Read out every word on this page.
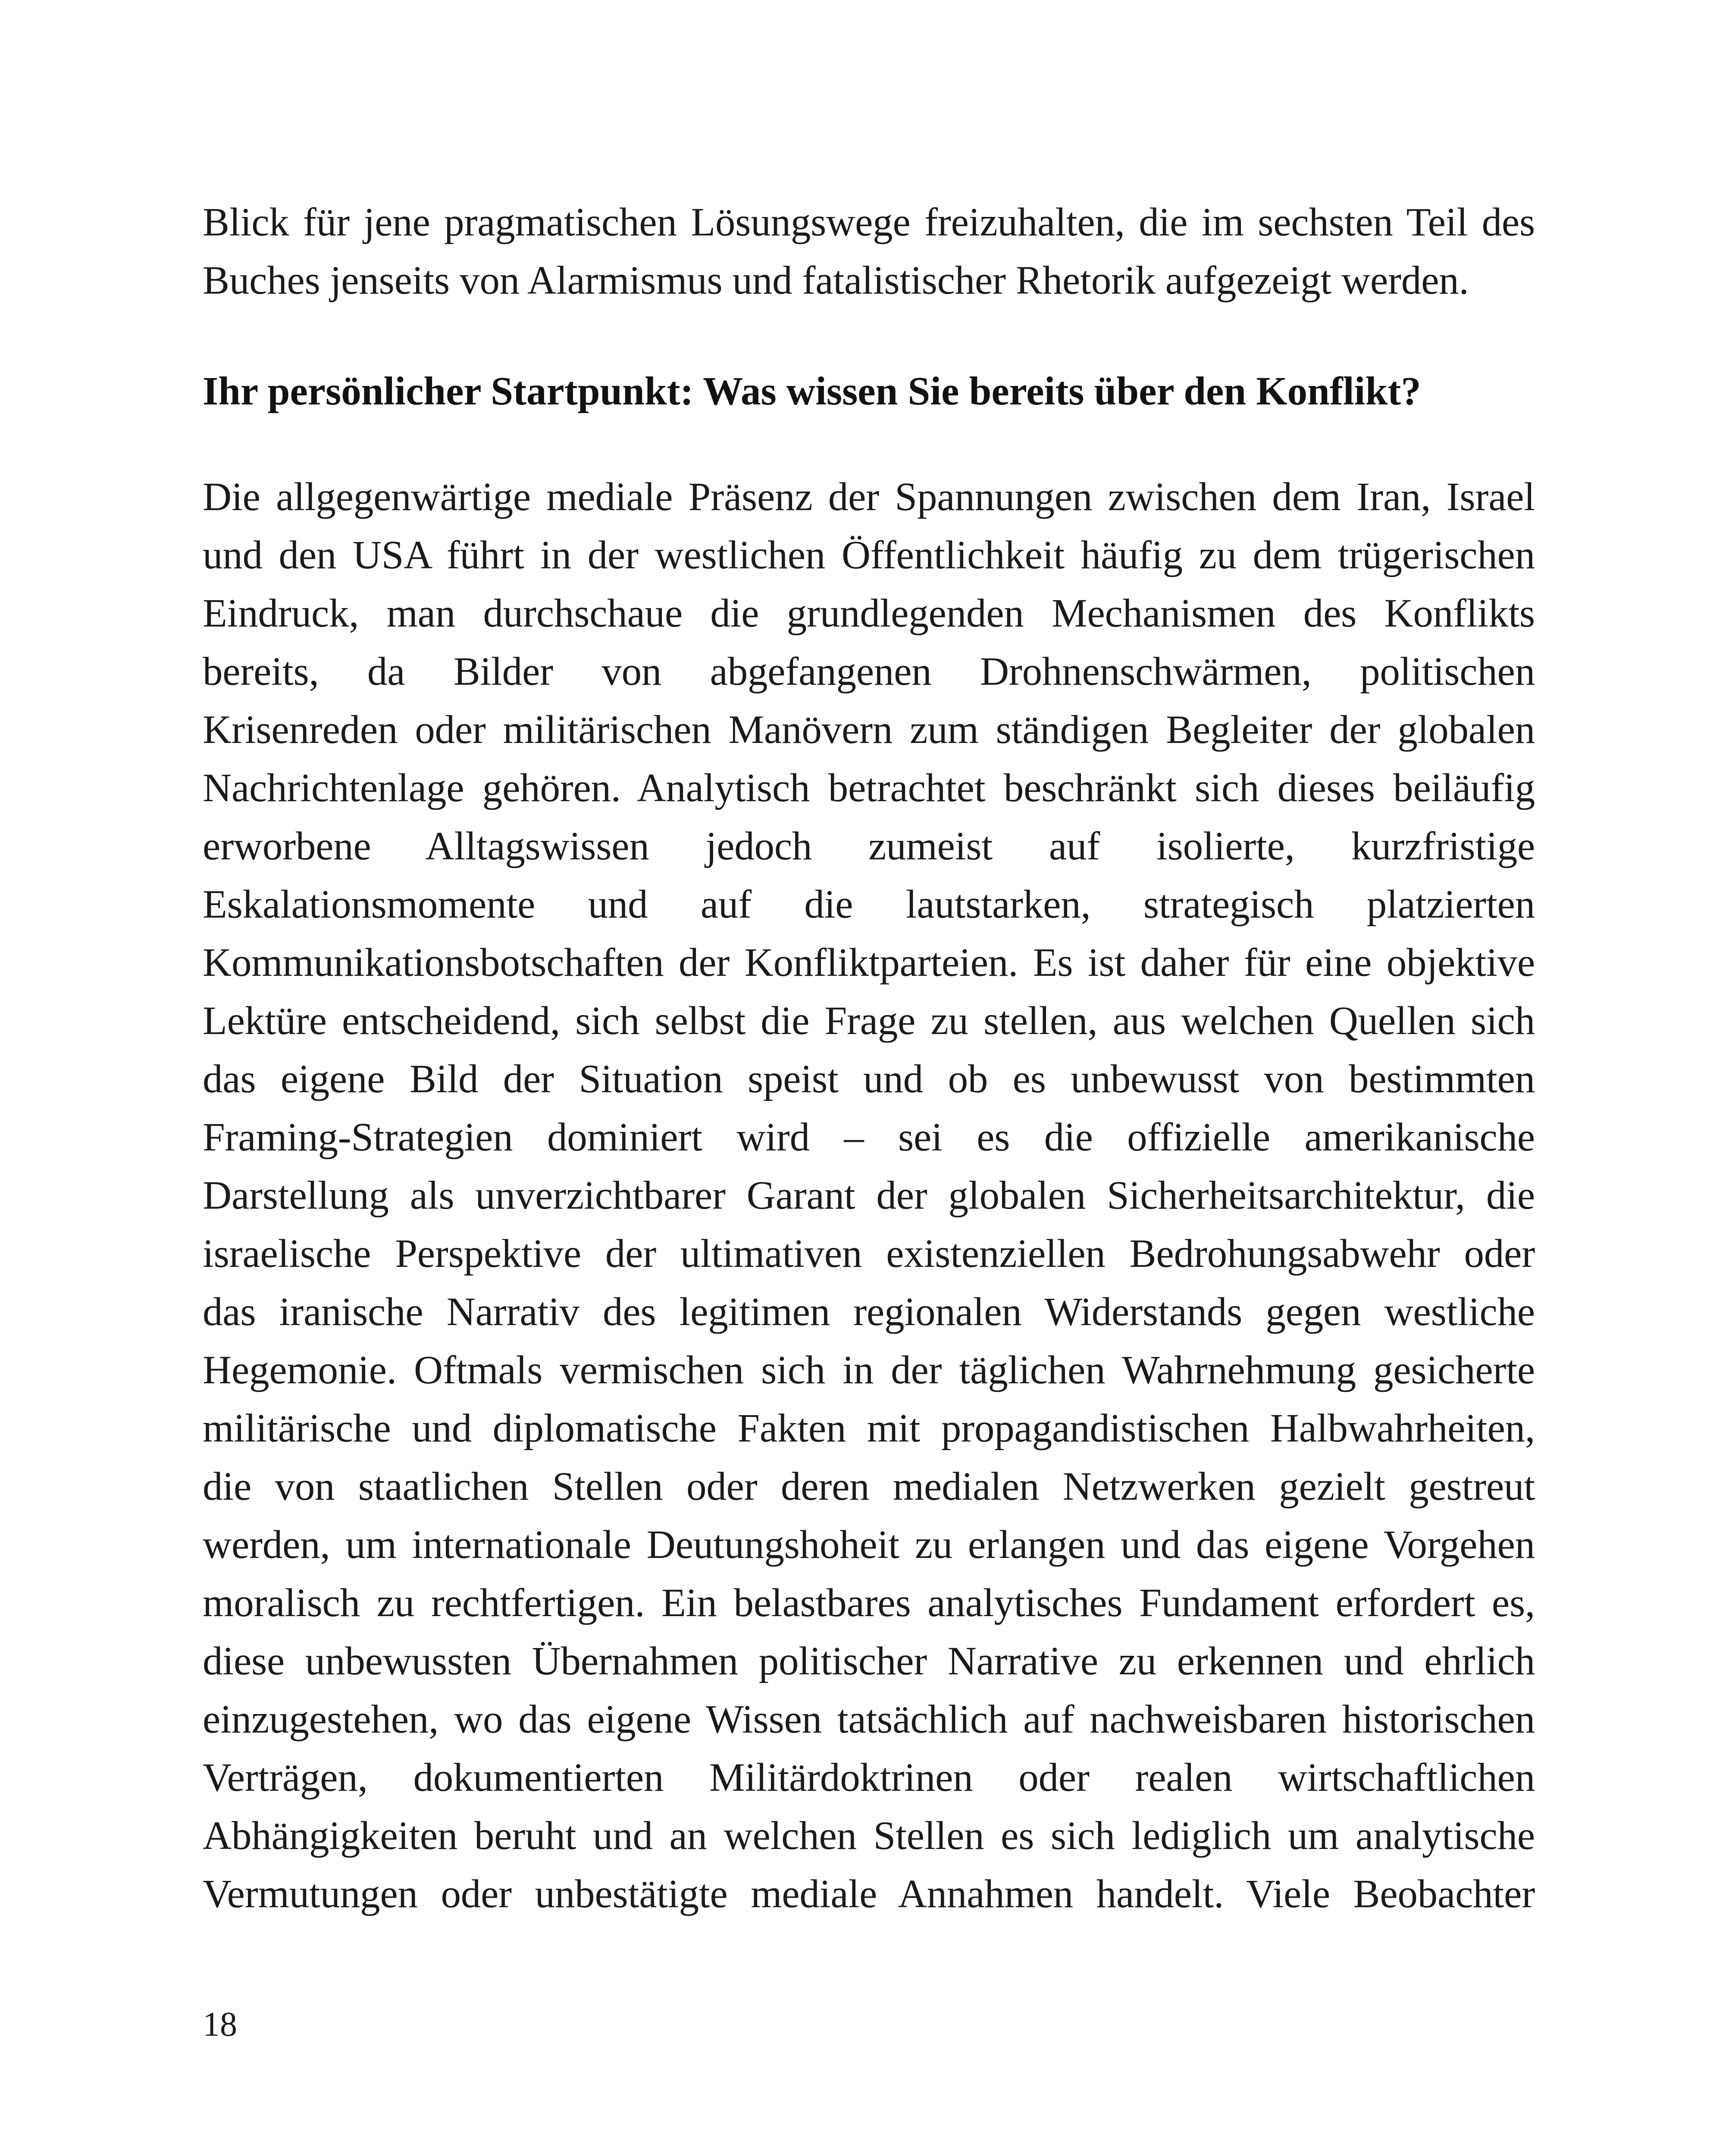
Blick für jene pragmatischen Lösungswege freizuhalten, die im sechsten Teil des
Buches jenseits von Alarmismus und fatalistischer Rhetorik aufgezeigt werden.
Ihr persönlicher Startpunkt: Was wissen Sie bereits über den Konflikt?
Die allgegenwärtige mediale Präsenz der Spannungen zwischen dem Iran, Israel
und den USA führt in der westlichen Öffentlichkeit häufig zu dem trügerischen
Eindruck, man durchschaue die grundlegenden Mechanismen des Konflikts
bereits, da Bilder von abgefangenen Drohnenschwärmen, politischen
Krisenreden oder militärischen Manövern zum ständigen Begleiter der globalen
Nachrichtenlage gehören. Analytisch betrachtet beschränkt sich dieses beiläufig
erworbene Alltagswissen jedoch zumeist auf isolierte, kurzfristige
Eskalationsmomente und auf die lautstarken, strategisch platzierten
Kommunikationsbotschaften der Konfliktparteien. Es ist daher für eine objektive
Lektüre entscheidend, sich selbst die Frage zu stellen, aus welchen Quellen sich
das eigene Bild der Situation speist und ob es unbewusst von bestimmten
Framing-Strategien dominiert wird – sei es die offizielle amerikanische
Darstellung als unverzichtbarer Garant der globalen Sicherheitsarchitektur, die
israelische Perspektive der ultimativen existenziellen Bedrohungsabwehr oder
das iranische Narrativ des legitimen regionalen Widerstands gegen westliche
Hegemonie. Oftmals vermischen sich in der täglichen Wahrnehmung gesicherte
militärische und diplomatische Fakten mit propagandistischen Halbwahrheiten,
die von staatlichen Stellen oder deren medialen Netzwerken gezielt gestreut
werden, um internationale Deutungshoheit zu erlangen und das eigene Vorgehen
moralisch zu rechtfertigen. Ein belastbares analytisches Fundament erfordert es,
diese unbewussten Übernahmen politischer Narrative zu erkennen und ehrlich
einzugestehen, wo das eigene Wissen tatsächlich auf nachweisbaren historischen
Verträgen, dokumentierten Militärdoktrinen oder realen wirtschaftlichen
Abhängigkeiten beruht und an welchen Stellen es sich lediglich um analytische
Vermutungen oder unbestätigte mediale Annahmen handelt. Viele Beobachter
18
